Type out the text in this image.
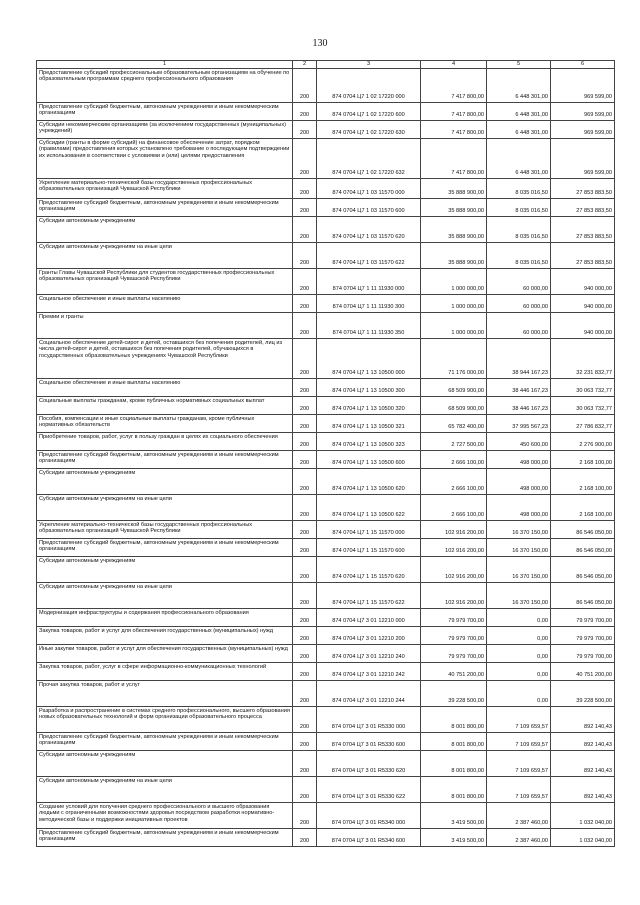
130
1	2	3	4	5	6
Предоставление субсидий профессиональным образовательным организациям на обучение по образовательным программам среднего профессионального образования	200	874 0704 Ц7 1 02 17220 000	7 417 800,00	6 448 301,00	969 599,00
Предоставление субсидий бюджетным, автономным учреждениям и иным некоммерческим организациям	200	874 0704 Ц7 1 02 17220 600	7 417 800,00	6 448 301,00	969 599,00
Субсидии некоммерческим организациям (за исключением государственных (муниципальных) учреждений)	200	874 0704 Ц7 1 02 17220 630	7 417 800,00	6 448 301,00	969 599,00
Субсидии (гранты в форме субсидий) на финансовое обеспечение затрат, порядком (правилами) предоставления которых установлено требование о последующем подтверждении их использования в соответствии с условиями и (или) целями предоставления	200	874 0704 Ц7 1 02 17220 632	7 417 800,00	6 448 301,00	969 599,00
Укрепление материально-технической базы государственных профессиональных образовательных организаций Чувашской Республики	200	874 0704 Ц7 1 03 11570 000	35 888 900,00	8 035 016,50	27 853 883,50
Предоставление субсидий бюджетным, автономным учреждениям и иным некоммерческим организациям	200	874 0704 Ц7 1 03 11570 600	35 888 900,00	8 035 016,50	27 853 883,50
Субсидии автономным учреждениям	200	874 0704 Ц7 1 03 11570 620	35 888 900,00	8 035 016,50	27 853 883,50
Субсидии автономным учреждениям на иные цели	200	874 0704 Ц7 1 03 11570 622	35 888 900,00	8 035 016,50	27 853 883,50
Гранты Главы Чувашской Республики для студентов государственных профессиональных образовательных организаций Чувашской Республики	200	874 0704 Ц7 1 11 11930 000	1 000 000,00	60 000,00	940 000,00
Социальное обеспечение и иные выплаты населению	200	874 0704 Ц7 1 11 11930 300	1 000 000,00	60 000,00	940 000,00
Премии и гранты	200	874 0704 Ц7 1 11 11930 350	1 000 000,00	60 000,00	940 000,00
Социальное обеспечение детей-сирот и детей, оставшихся без попечения родителей, лиц из числа детей-сирот и детей, оставшихся без попечения родителей, обучающихся в государственных образовательных учреждениях Чувашской Республики	200	874 0704 Ц7 1 13 10500 000	71 176 000,00	38 944 167,23	32 231 832,77
Социальное обеспечение и иные выплаты населению	200	874 0704 Ц7 1 13 10500 300	68 509 900,00	38 446 167,23	30 063 732,77
Социальные выплаты гражданам, кроме публичных нормативных социальных выплат	200	874 0704 Ц7 1 13 10500 320	68 509 900,00	38 446 167,23	30 063 732,77
Пособия, компенсации и иные социальные выплаты гражданам, кроме публичных нормативных обязательств	200	874 0704 Ц7 1 13 10500 321	65 782 400,00	37 995 567,23	27 786 832,77
Приобретение товаров, работ, услуг в пользу граждан в целях их социального обеспечения	200	874 0704 Ц7 1 13 10500 323	2 727 500,00	450 600,00	2 276 900,00
Предоставление субсидий бюджетным, автономным учреждениям и иным некоммерческим организациям	200	874 0704 Ц7 1 13 10500 600	2 666 100,00	498 000,00	2 168 100,00
Субсидии автономным учреждениям	200	874 0704 Ц7 1 13 10500 620	2 666 100,00	498 000,00	2 168 100,00
Субсидии автономным учреждениям на иные цели	200	874 0704 Ц7 1 13 10500 622	2 666 100,00	498 000,00	2 168 100,00
Укрепление материально-технической базы государственных профессиональных образовательных организаций Чувашской Республики	200	874 0704 Ц7 1 15 11570 000	102 916 200,00	16 370 150,00	86 546 050,00
Предоставление субсидий бюджетным, автономным учреждениям и иным некоммерческим организациям	200	874 0704 Ц7 1 15 11570 600	102 916 200,00	16 370 150,00	86 546 050,00
Субсидии автономным учреждениям	200	874 0704 Ц7 1 15 11570 620	102 916 200,00	16 370 150,00	86 546 050,00
Субсидии автономным учреждениям на иные цели	200	874 0704 Ц7 1 15 11570 622	102 916 200,00	16 370 150,00	86 546 050,00
Модернизация инфраструктуры и содержания профессионального образования	200	874 0704 Ц7 3 01 12210 000	79 979 700,00	0,00	79 979 700,00
Закупка товаров, работ и услуг для обеспечения государственных (муниципальных) нужд	200	874 0704 Ц7 3 01 12210 200	79 979 700,00	0,00	79 979 700,00
Иные закупки товаров, работ и услуг для обеспечения государственных (муниципальных) нужд	200	874 0704 Ц7 3 01 12210 240	79 979 700,00	0,00	79 979 700,00
Закупка товаров, работ, услуг в сфере информационно-коммуникационных технологий	200	874 0704 Ц7 3 01 12210 242	40 751 200,00	0,00	40 751 200,00
Прочая закупка товаров, работ и услуг	200	874 0704 Ц7 3 01 12210 244	39 228 500,00	0,00	39 228 500,00
Разработка и распространение в системах среднего профессионального, высшего образования новых образовательных технологий и форм организации образовательного процесса	200	874 0704 Ц7 3 01 R5330 000	8 001 800,00	7 109 659,57	892 140,43
Предоставление субсидий бюджетным, автономным учреждениям и иным некоммерческим организациям	200	874 0704 Ц7 3 01 R5330 600	8 001 800,00	7 109 659,57	892 140,43
Субсидии автономным учреждениям	200	874 0704 Ц7 3 01 R5330 620	8 001 800,00	7 109 659,57	892 140,43
Субсидии автономным учреждениям на иные цели	200	874 0704 Ц7 3 01 R5330 622	8 001 800,00	7 109 659,57	892 140,43
Создание условий для получения среднего профессионального и высшего образования людьми с ограниченными возможностями здоровья посредством разработки нормативно-методической базы и поддержки инициативных проектов	200	874 0704 Ц7 3 01 R5340 000	3 419 500,00	2 387 460,00	1 032 040,00
Предоставление субсидий бюджетным, автономным учреждениям и иным некоммерческим организациям	200	874 0704 Ц7 3 01 R5340 600	3 419 500,00	2 387 460,00	1 032 040,00
